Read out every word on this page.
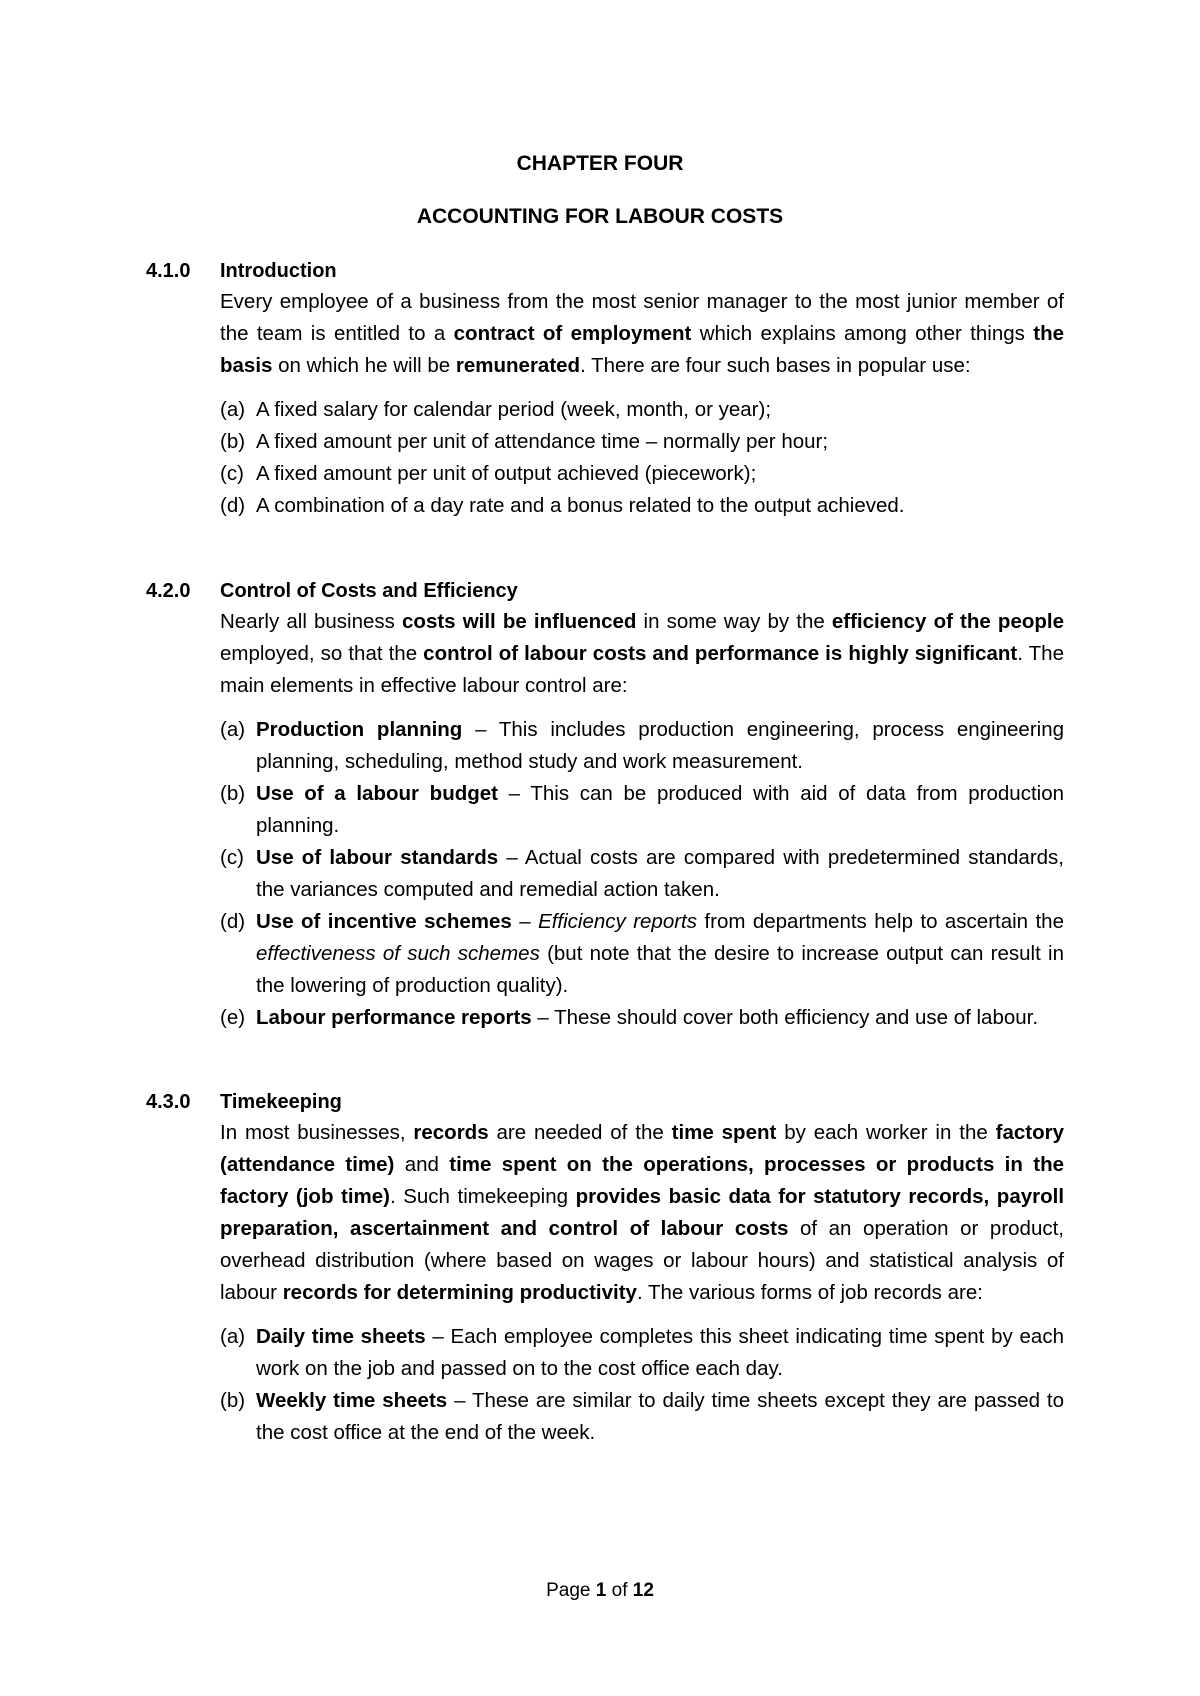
CHAPTER FOUR
ACCOUNTING FOR LABOUR COSTS
4.1.0	Introduction
Every employee of a business from the most senior manager to the most junior member of the team is entitled to a contract of employment which explains among other things the basis on which he will be remunerated. There are four such bases in popular use:
(a) A fixed salary for calendar period (week, month, or year);
(b) A fixed amount per unit of attendance time – normally per hour;
(c) A fixed amount per unit of output achieved (piecework);
(d) A combination of a day rate and a bonus related to the output achieved.
4.2.0	Control of Costs and Efficiency
Nearly all business costs will be influenced in some way by the efficiency of the people employed, so that the control of labour costs and performance is highly significant. The main elements in effective labour control are:
(a) Production planning – This includes production engineering, process engineering planning, scheduling, method study and work measurement.
(b) Use of a labour budget – This can be produced with aid of data from production planning.
(c) Use of labour standards – Actual costs are compared with predetermined standards, the variances computed and remedial action taken.
(d) Use of incentive schemes – Efficiency reports from departments help to ascertain the effectiveness of such schemes (but note that the desire to increase output can result in the lowering of production quality).
(e) Labour performance reports – These should cover both efficiency and use of labour.
4.3.0	Timekeeping
In most businesses, records are needed of the time spent by each worker in the factory (attendance time) and time spent on the operations, processes or products in the factory (job time). Such timekeeping provides basic data for statutory records, payroll preparation, ascertainment and control of labour costs of an operation or product, overhead distribution (where based on wages or labour hours) and statistical analysis of labour records for determining productivity. The various forms of job records are:
(a) Daily time sheets – Each employee completes this sheet indicating time spent by each work on the job and passed on to the cost office each day.
(b) Weekly time sheets – These are similar to daily time sheets except they are passed to the cost office at the end of the week.
Page 1 of 12
